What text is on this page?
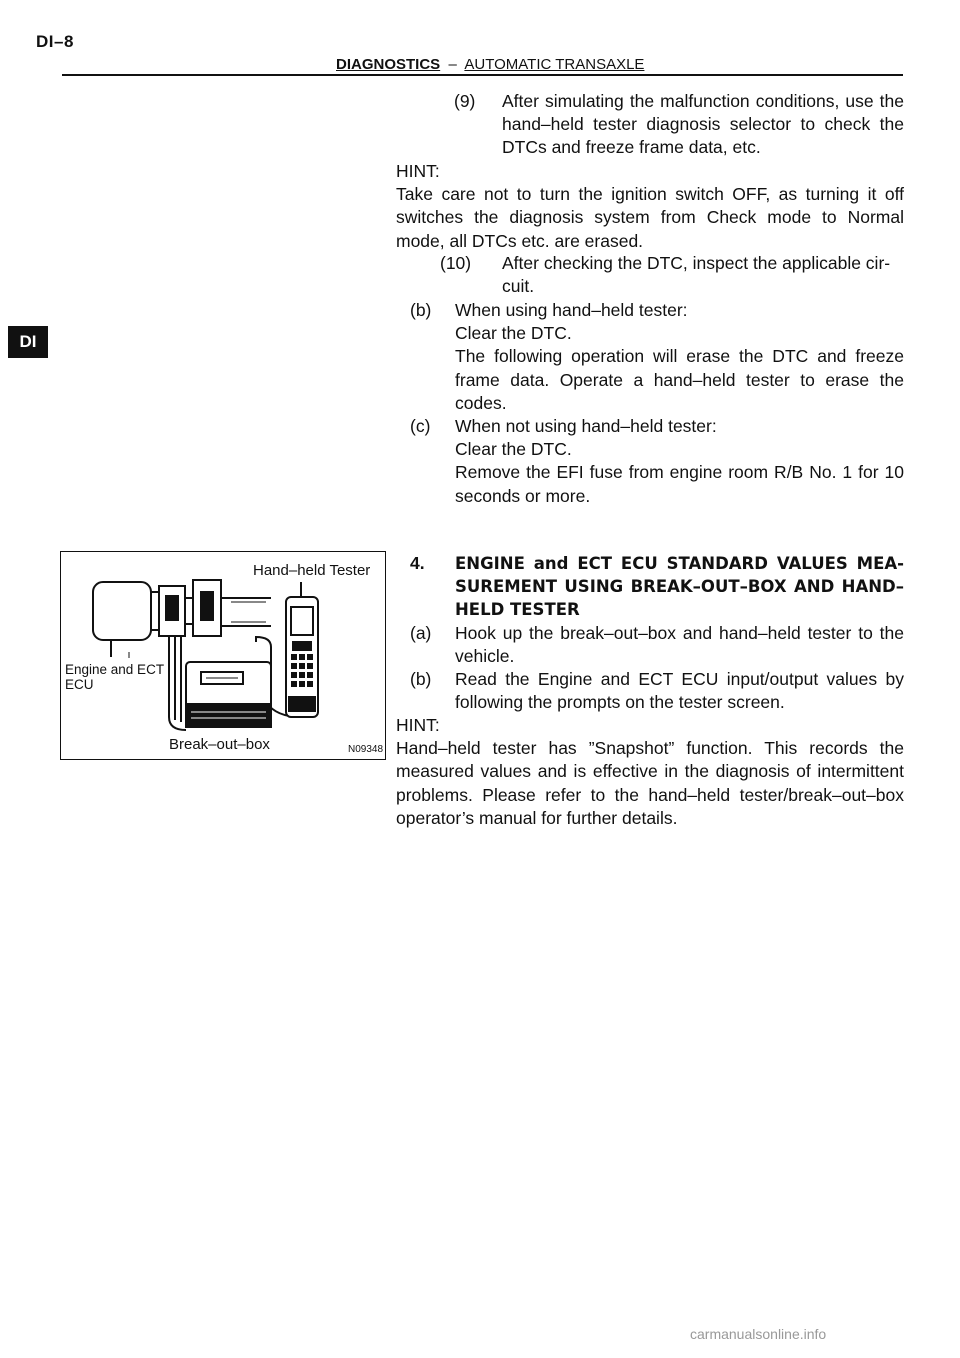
DI–8
DIAGNOSTICS – AUTOMATIC TRANSAXLE
DI
(9)	After simulating the malfunction conditions, use the hand–held tester diagnosis selector to check the DTCs and freeze frame data, etc.

HINT:

Take care not to turn the ignition switch OFF, as turning it off switches the diagnosis system from Check mode to Normal mode, all DTCs etc. are erased.

(10)	After checking the DTC, inspect the applicable cir- cuit.
(b)	When using hand–held tester:

Clear the DTC.

The following operation will erase the DTC and freeze frame data. Operate a hand–held tester to erase the codes.

(c)	When not using hand–held tester:

Clear the DTC.

Remove the EFI fuse from engine room R/B No. 1 for 10 seconds or more.

4.	ENGINE and ECT ECU STANDARD VALUES MEA- SUREMENT USING BREAK–OUT–BOX AND HAND– HELD TESTER
(a)	Hook up the break–out–box and hand–held tester to the vehicle.
(b)	Read the Engine and ECT ECU input/output values by following the prompts on the tester screen.

HINT:

Hand–held tester has ”Snapshot” function. This records the measured values and is effective in the diagnosis of intermittent problems. Please refer to the hand–held tester/break–out–box operator’s manual for further details.

Hand–held Tester
Engine and ECT
ECU
Break–out–box	N09348
carmanualsonline.info
